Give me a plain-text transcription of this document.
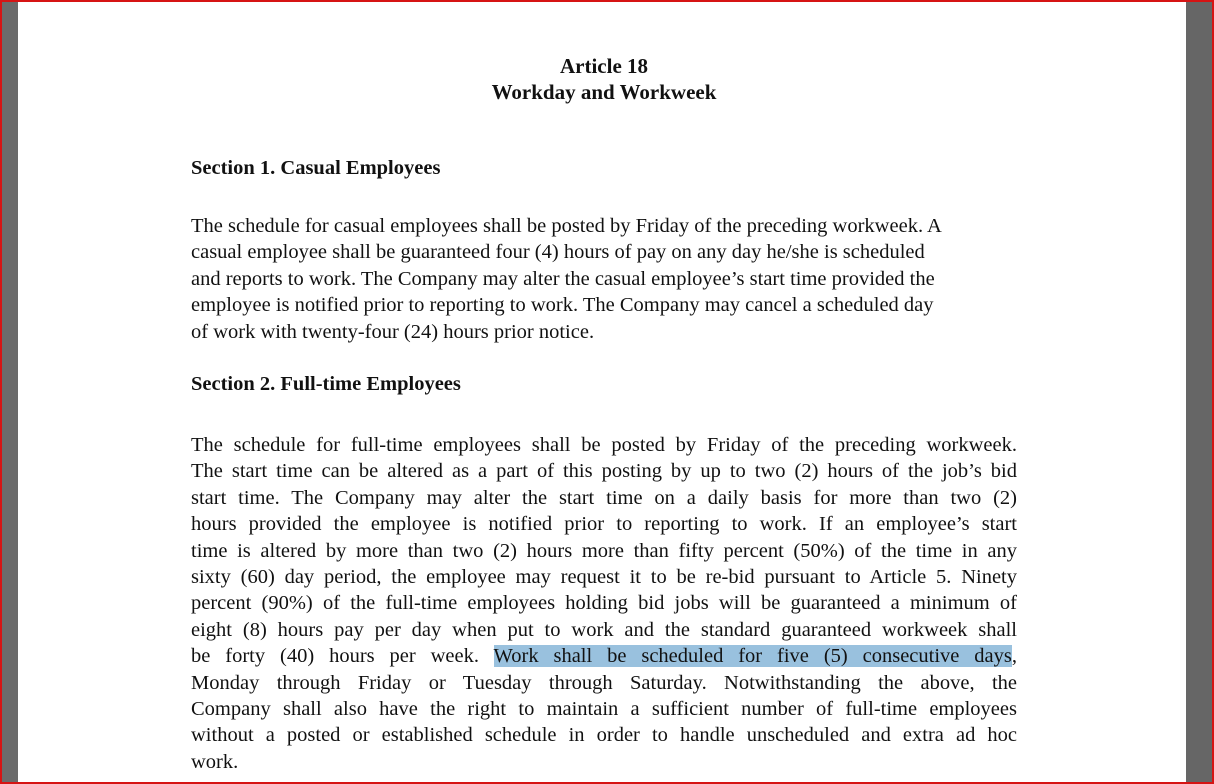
Article 18
Workday and Workweek
Section 1. Casual Employees
The schedule for casual employees shall be posted by Friday of the preceding workweek. A
casual employee shall be guaranteed four (4) hours of pay on any day he/she is scheduled
and reports to work. The Company may alter the casual employee’s start time provided the
employee is notified prior to reporting to work. The Company may cancel a scheduled day
of work with twenty-four (24) hours prior notice.
Section 2. Full-time Employees
The schedule for full-time employees shall be posted by Friday of the preceding workweek.
The start time can be altered as a part of this posting by up to two (2) hours of the job’s bid
start time. The Company may alter the start time on a daily basis for more than two (2)
hours provided the employee is notified prior to reporting to work. If an employee’s start
time is altered by more than two (2) hours more than fifty percent (50%) of the time in any
sixty (60) day period, the employee may request it to be re-bid pursuant to Article 5. Ninety
percent (90%) of the full-time employees holding bid jobs will be guaranteed a minimum of
eight (8) hours pay per day when put to work and the standard guaranteed workweek shall
be forty (40) hours per week. Work shall be scheduled for five (5) consecutive days,
Monday through Friday or Tuesday through Saturday. Notwithstanding the above, the
Company shall also have the right to maintain a sufficient number of full-time employees
without a posted or established schedule in order to handle unscheduled and extra ad hoc
work.
